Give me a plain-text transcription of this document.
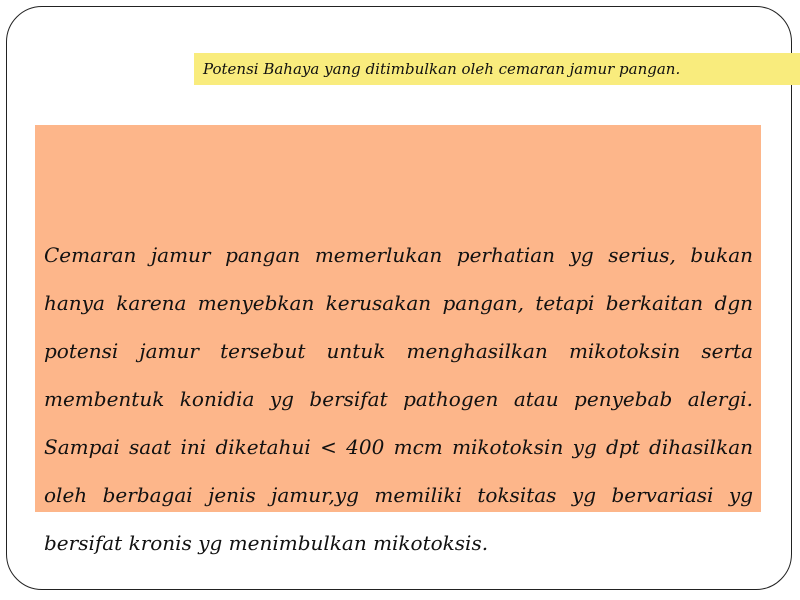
Potensi Bahaya yang ditimbulkan oleh cemaran jamur pangan.

Cemaran jamur pangan memerlukan perhatian yg serius, bukan hanya karena menyebkan kerusakan pangan, tetapi berkaitan dgn potensi jamur tersebut untuk menghasilkan mikotoksin serta membentuk konidia yg bersifat pathogen atau penyebab alergi. Sampai saat ini diketahui < 400 mcm mikotoksin yg dpt dihasilkan oleh berbagai jenis jamur,yg memiliki toksitas yg bervariasi yg bersifat kronis yg menimbulkan mikotoksis.
